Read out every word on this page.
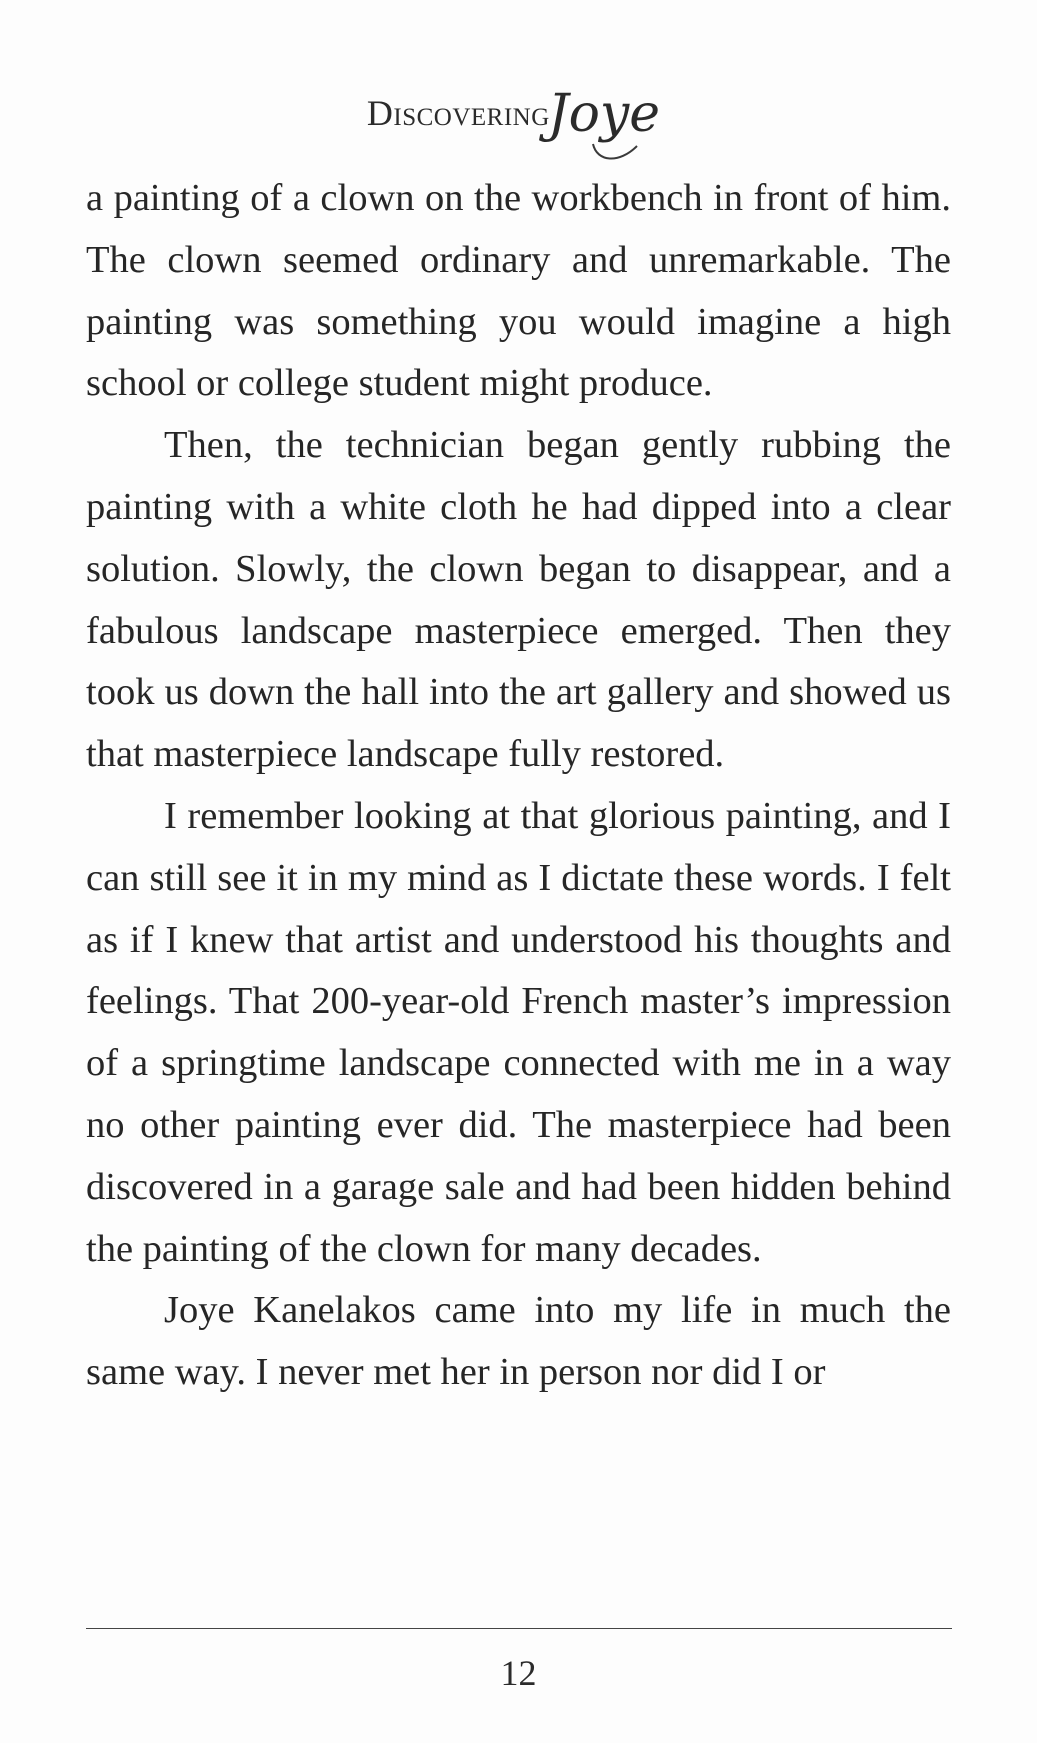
DiscoveringJoye

a painting of a clown on the workbench in front of him. The clown seemed ordinary and unremarkable. The painting was something you would imagine a high school or college student might produce.

Then, the technician began gently rubbing the painting with a white cloth he had dipped into a clear solution. Slowly, the clown began to disappear, and a fabulous landscape masterpiece emerged. Then they took us down the hall into the art gallery and showed us that masterpiece landscape fully restored.

I remember looking at that glorious painting, and I can still see it in my mind as I dictate these words. I felt as if I knew that artist and understood his thoughts and feelings. That 200-year-old French master’s impression of a springtime landscape connected with me in a way no other painting ever did. The masterpiece had been discovered in a garage sale and had been hidden behind the painting of the clown for many decades.

Joye Kanelakos came into my life in much the same way. I never met her in person nor did I or

12
